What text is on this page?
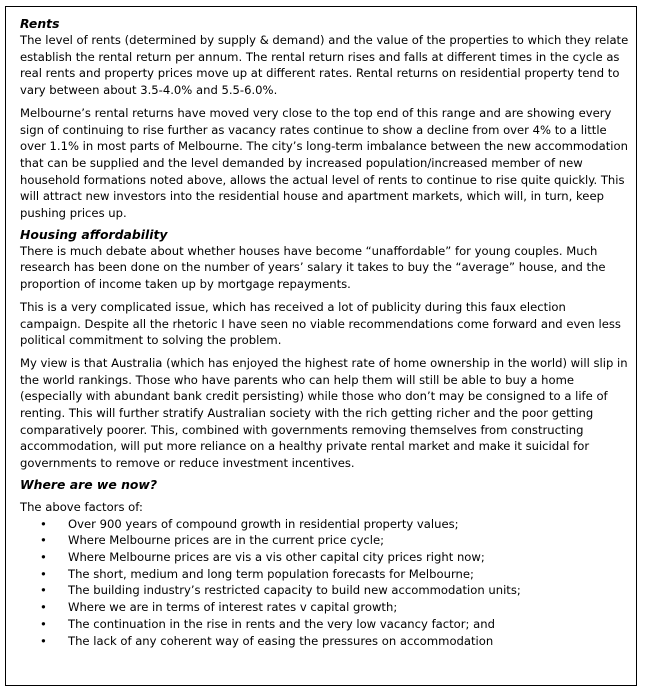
Rents

The level of rents (determined by supply & demand) and the value of the properties to which they relate establish the rental return per annum. The rental return rises and falls at different times in the cycle as real rents and property prices move up at different rates. Rental returns on residential property tend to vary between about 3.5-4.0% and 5.5-6.0%.

Melbourne’s rental returns have moved very close to the top end of this range and are showing every sign of continuing to rise further as vacancy rates continue to show a decline from over 4% to a little over 1.1% in most parts of Melbourne. The city’s long-term imbalance between the new accommodation that can be supplied and the level demanded by increased population/increased member of new household formations noted above, allows the actual level of rents to continue to rise quite quickly. This will attract new investors into the residential house and apartment markets, which will, in turn, keep pushing prices up.

Housing affordability

There is much debate about whether houses have become “unaffordable” for young couples. Much research has been done on the number of years’ salary it takes to buy the “average” house, and the proportion of income taken up by mortgage repayments.

This is a very complicated issue, which has received a lot of publicity during this faux election campaign. Despite all the rhetoric I have seen no viable recommendations come forward and even less political commitment to solving the problem.

My view is that Australia (which has enjoyed the highest rate of home ownership in the world) will slip in the world rankings. Those who have parents who can help them will still be able to buy a home (especially with abundant bank credit persisting) while those who don’t may be consigned to a life of renting. This will further stratify Australian society with the rich getting richer and the poor getting comparatively poorer. This, combined with governments removing themselves from constructing accommodation, will put more reliance on a healthy private rental market and make it suicidal for governments to remove or reduce investment incentives.

Where are we now?

The above factors of:

• Over 900 years of compound growth in residential property values;
• Where Melbourne prices are in the current price cycle;
• Where Melbourne prices are vis a vis other capital city prices right now;
• The short, medium and long term population forecasts for Melbourne;
• The building industry’s restricted capacity to build new accommodation units;
• Where we are in terms of interest rates v capital growth;
• The continuation in the rise in rents and the very low vacancy factor; and
• The lack of any coherent way of easing the pressures on accommodation
